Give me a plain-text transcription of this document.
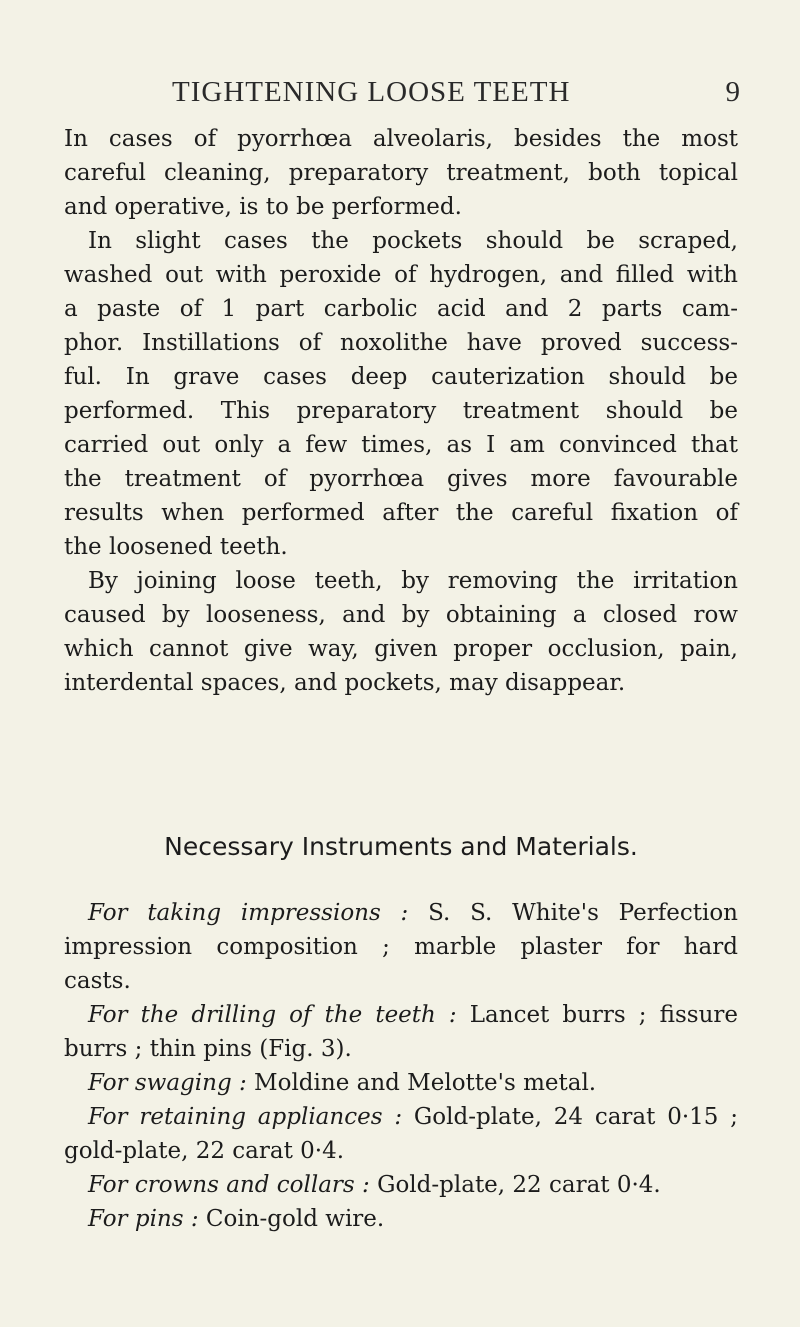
TIGHTENING LOOSE TEETH	9
In cases of pyorrhœa alveolaris, besides the most
careful cleaning, preparatory treatment, both topical
and operative, is to be performed.
In slight cases the pockets should be scraped,
washed out with peroxide of hydrogen, and filled with
a paste of 1 part carbolic acid and 2 parts cam-
phor. Instillations of noxolithe have proved success-
ful. In grave cases deep cauterization should be
performed. This preparatory treatment should be
carried out only a few times, as I am convinced that
the treatment of pyorrhœa gives more favourable
results when performed after the careful fixation of
the loosened teeth.
By joining loose teeth, by removing the irritation
caused by looseness, and by obtaining a closed row
which cannot give way, given proper occlusion, pain,
interdental spaces, and pockets, may disappear.
Necessary Instruments and Materials.
For taking impressions : S. S. White's Perfection
impression composition ; marble plaster for hard
casts.
For the drilling of the teeth : Lancet burrs ; fissure
burrs ; thin pins (Fig. 3).
For swaging : Moldine and Melotte's metal.
For retaining appliances : Gold-plate, 24 carat 0·15 ;
gold-plate, 22 carat 0·4.
For crowns and collars : Gold-plate, 22 carat 0·4.
For pins : Coin-gold wire.
